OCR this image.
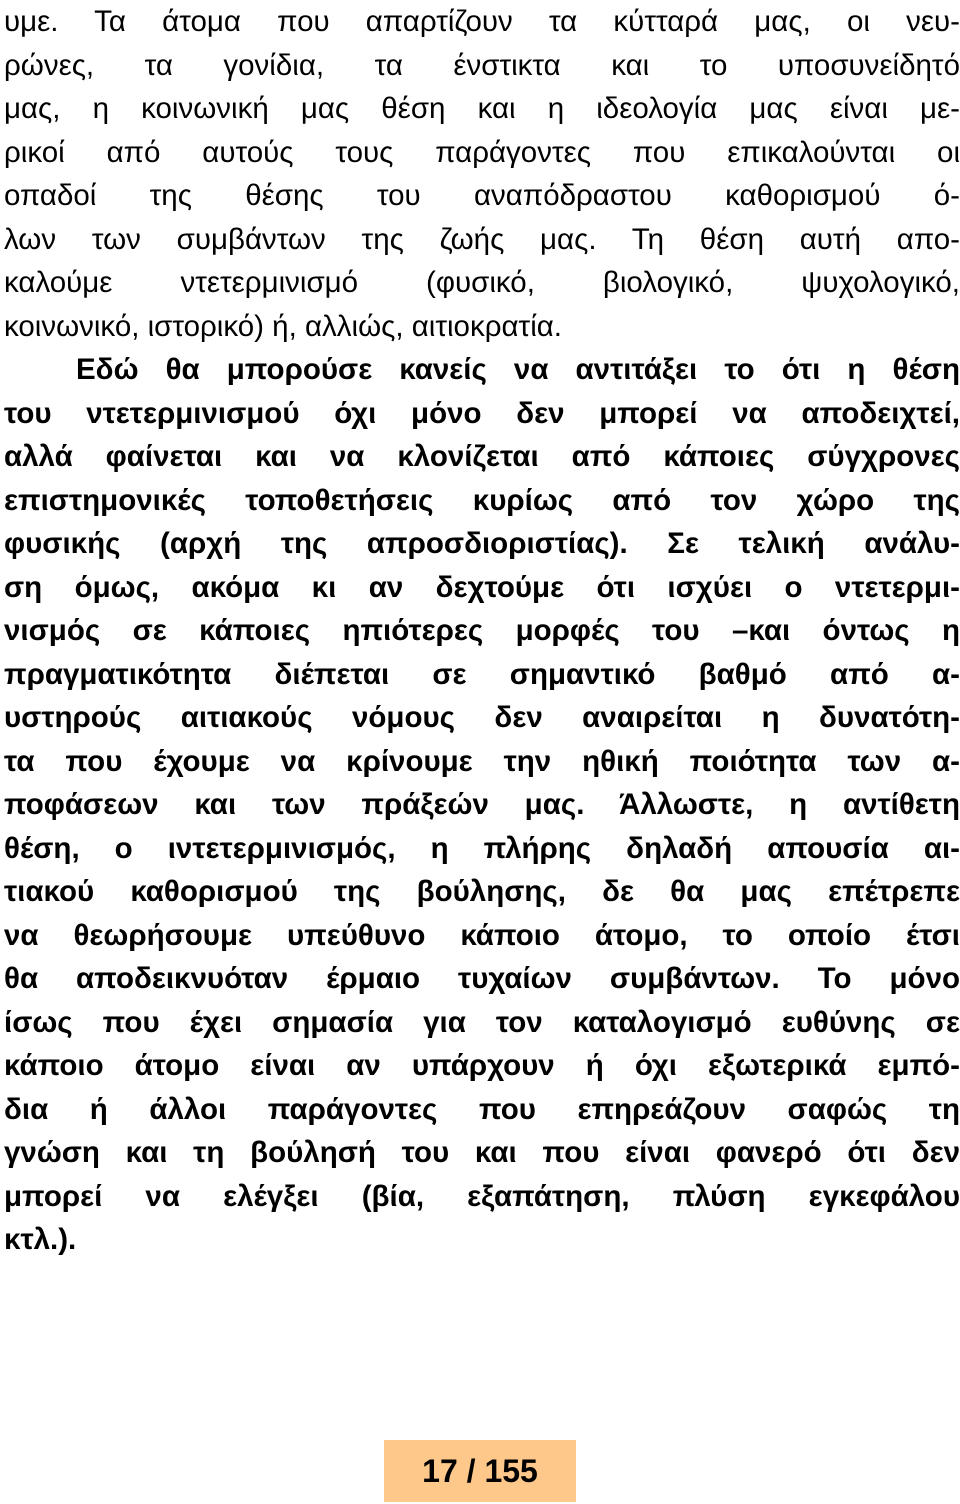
υμε. Τα άτομα που απαρτίζουν τα κύτταρά μας, οι νευ-
ρώνες, τα γονίδια, τα ένστικτα και το υποσυνείδητό
μας, η κοινωνική μας θέση και η ιδεολογία μας είναι με-
ρικοί από αυτούς τους παράγοντες που επικαλούνται οι
οπαδοί της θέσης του αναπόδραστου καθορισμού ό-
λων των συμβάντων της ζωής μας. Τη θέση αυτή απο-
καλούμε ντετερμινισμό (φυσικό, βιολογικό, ψυχολογικό,
κοινωνικό, ιστορικό) ή, αλλιώς, αιτιοκρατία.
Εδώ θα μπορούσε κανείς να αντιτάξει το ότι η θέση
του ντετερμινισμού όχι μόνο δεν μπορεί να αποδειχτεί,
αλλά φαίνεται και να κλονίζεται από κάποιες σύγχρονες
επιστημονικές τοποθετήσεις κυρίως από τον χώρο της
φυσικής (αρχή της απροσδιοριστίας). Σε τελική ανάλυ-
ση όμως, ακόμα κι αν δεχτούμε ότι ισχύει ο ντετερμι-
νισμός σε κάποιες ηπιότερες μορφές του –και όντως η
πραγματικότητα διέπεται σε σημαντικό βαθμό από α-
υστηρούς αιτιακούς νόμους δεν αναιρείται η δυνατότη-
τα που έχουμε να κρίνουμε την ηθική ποιότητα των α-
ποφάσεων και των πράξεών μας. Άλλωστε, η αντίθετη
θέση, ο ιντετερμινισμός, η πλήρης δηλαδή απουσία αι-
τιακού καθορισμού της βούλησης, δε θα μας επέτρεπε
να θεωρήσουμε υπεύθυνο κάποιο άτομο, το οποίο έτσι
θα αποδεικνυόταν έρμαιο τυχαίων συμβάντων. Το μόνο
ίσως που έχει σημασία για τον καταλογισμό ευθύνης σε
κάποιο άτομο είναι αν υπάρχουν ή όχι εξωτερικά εμπό-
δια ή άλλοι παράγοντες που επηρεάζουν σαφώς τη
γνώση και τη βούλησή του και που είναι φανερό ότι δεν
μπορεί να ελέγξει (βία, εξαπάτηση, πλύση εγκεφάλου
κτλ.).
17 / 155
